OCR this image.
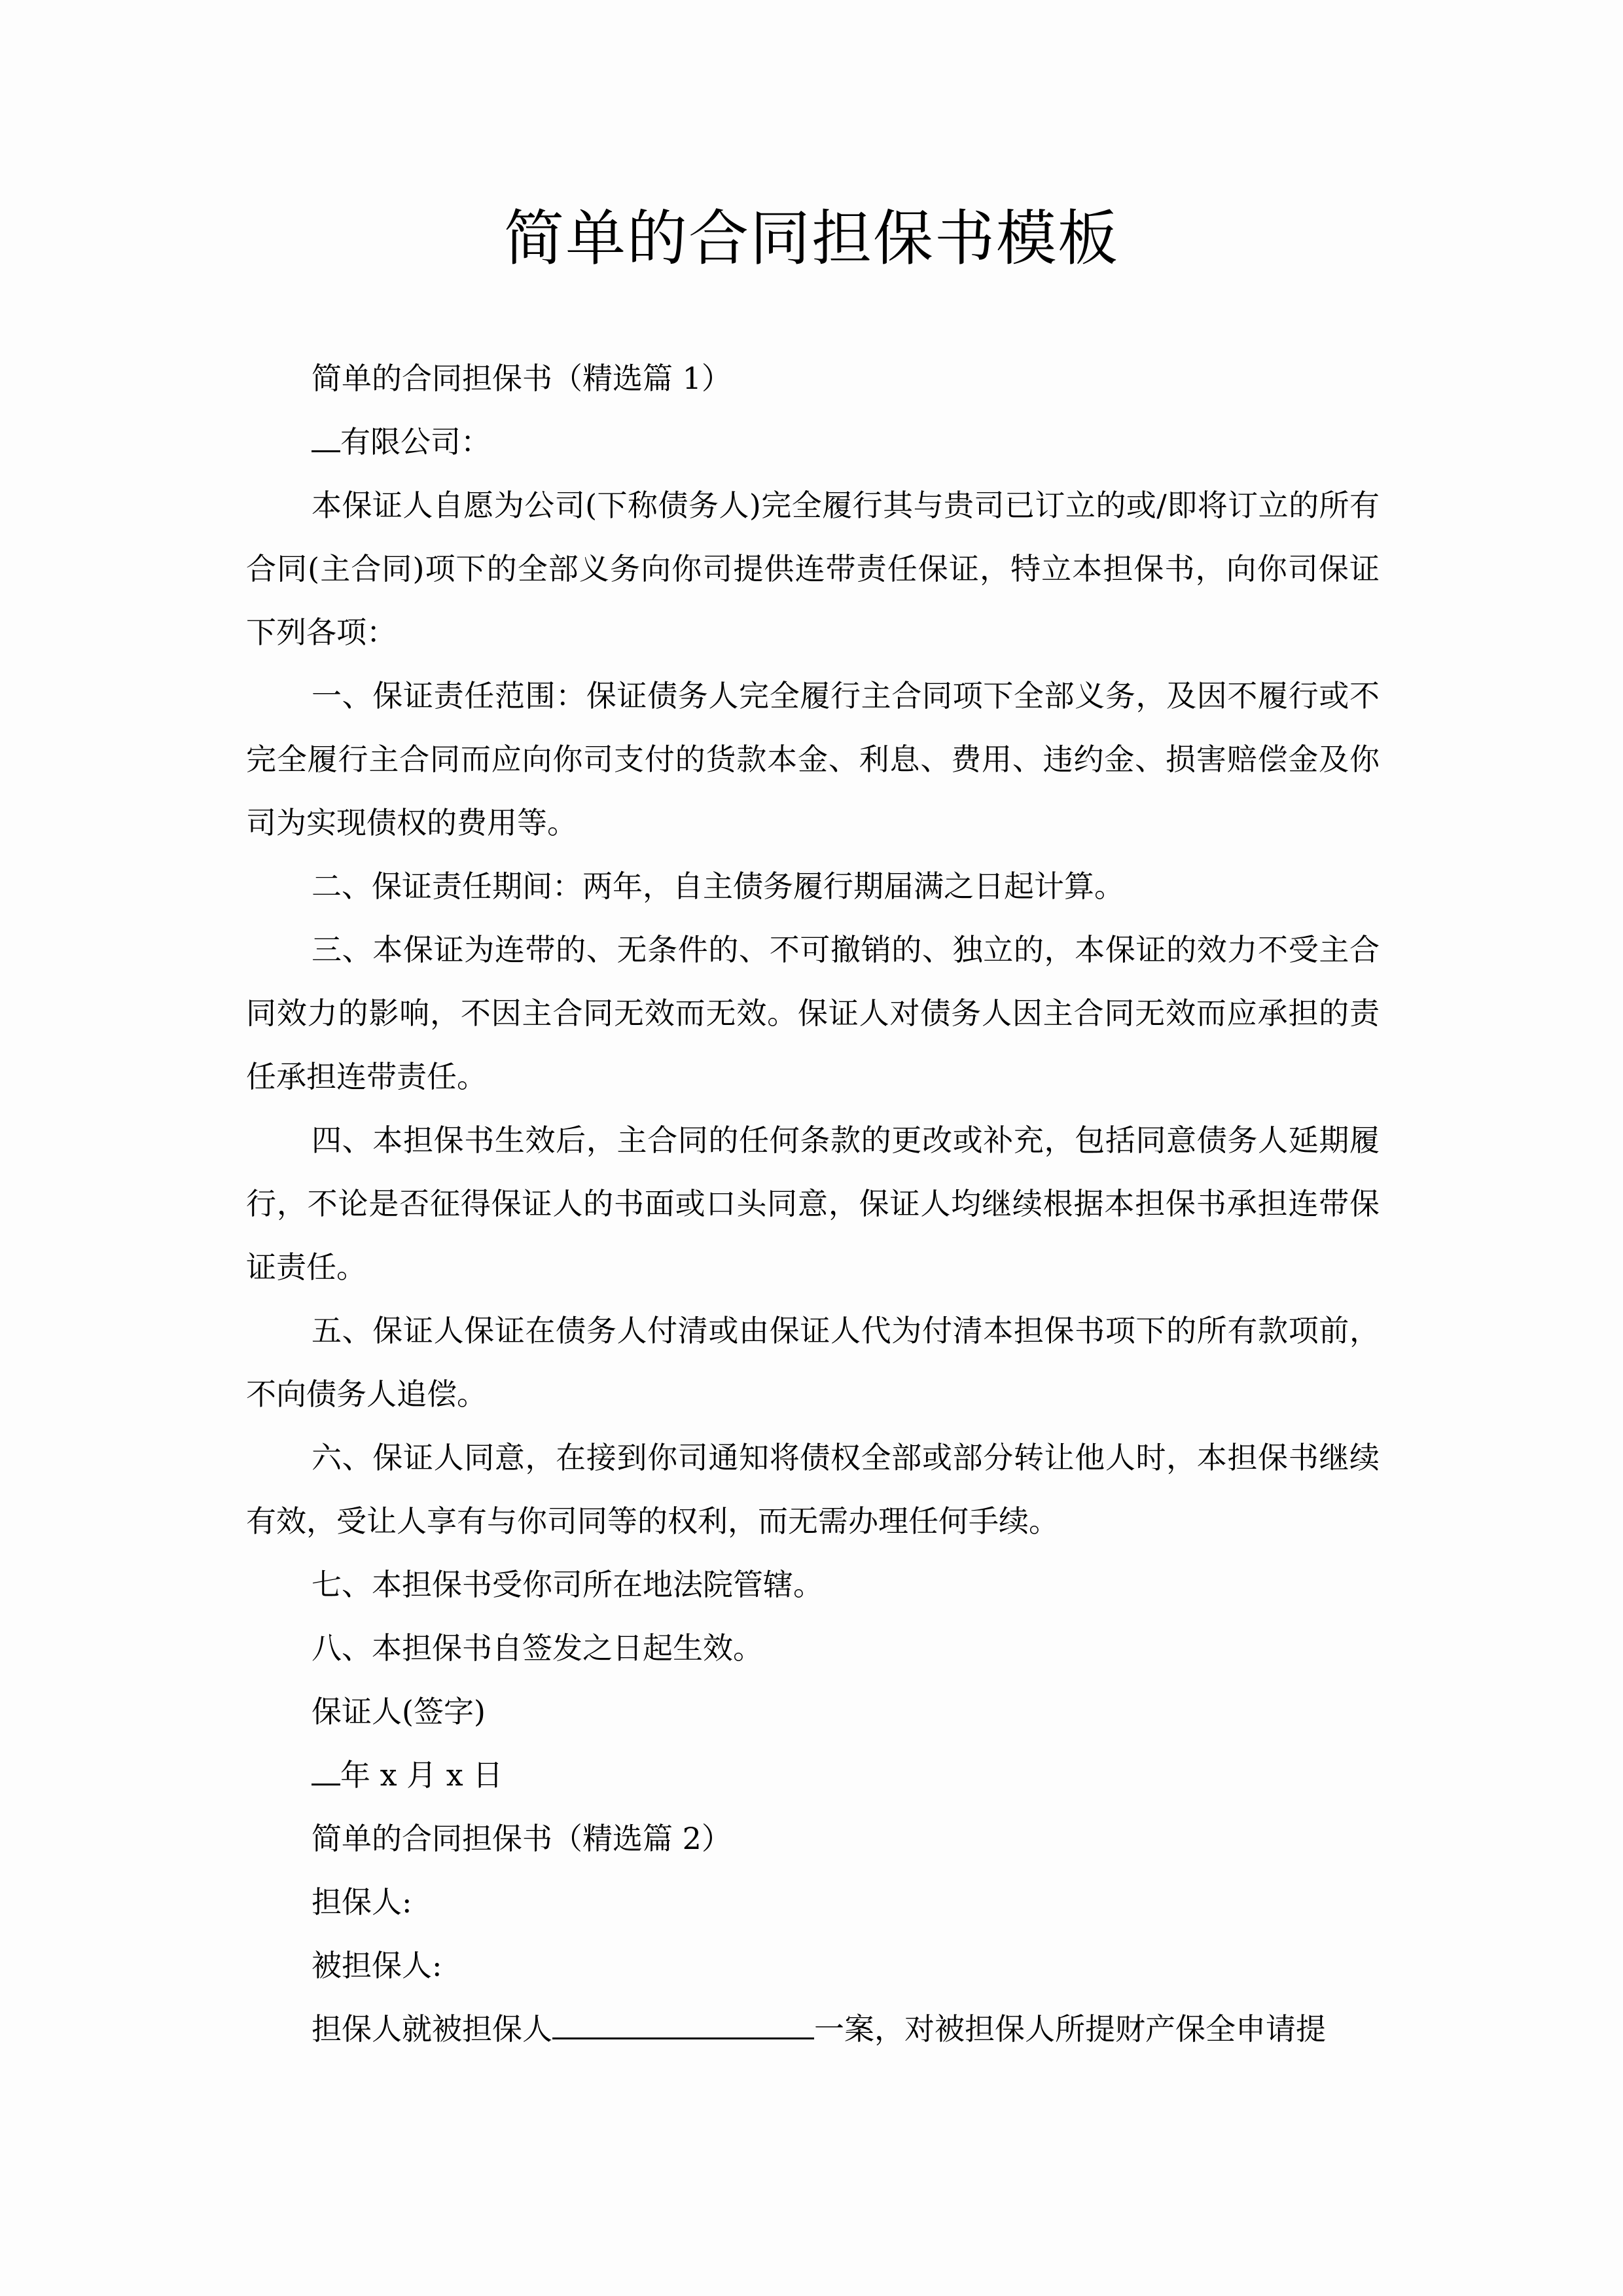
简单的合同担保书模板

简单的合同担保书（精选篇 1）

有限公司：

本保证人自愿为公司(下称债务人)完全履行其与贵司已订立的或/即将订立的所有合同(主合同)项下的全部义务向你司提供连带责任保证，特立本担保书，向你司保证下列各项：

一、保证责任范围：保证债务人完全履行主合同项下全部义务，及因不履行或不完全履行主合同而应向你司支付的货款本金、利息、费用、违约金、损害赔偿金及你司为实现债权的费用等。

二、保证责任期间：两年，自主债务履行期届满之日起计算。

三、本保证为连带的、无条件的、不可撤销的、独立的，本保证的效力不受主合同效力的影响，不因主合同无效而无效。保证人对债务人因主合同无效而应承担的责任承担连带责任。

四、本担保书生效后，主合同的任何条款的更改或补充，包括同意债务人延期履行，不论是否征得保证人的书面或口头同意，保证人均继续根据本担保书承担连带保证责任。

五、保证人保证在债务人付清或由保证人代为付清本担保书项下的所有款项前，不向债务人追偿。

六、保证人同意，在接到你司通知将债权全部或部分转让他人时，本担保书继续有效，受让人享有与你司同等的权利，而无需办理任何手续。

七、本担保书受你司所在地法院管辖。

八、本担保书自签发之日起生效。

保证人(签字)

年 x 月 x 日

简单的合同担保书（精选篇 2）

担保人:

被担保人:

担保人就被担保人	一案，对被担保人所提财产保全申请提
